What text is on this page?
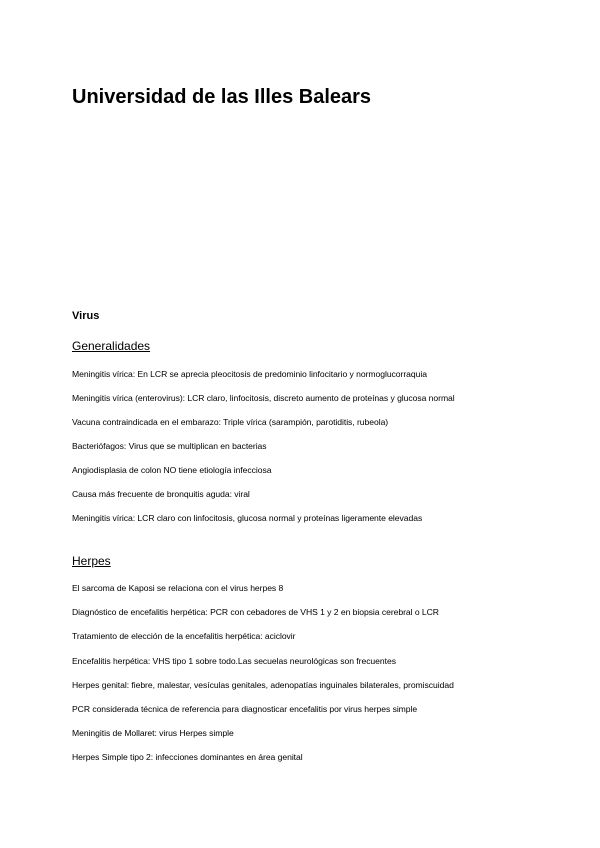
Universidad de las Illes Balears
Virus
Generalidades
Meningitis vírica: En LCR se aprecia pleocitosis de predominio linfocitario y normoglucorraquia
Meningitis vírica (enterovirus): LCR claro, linfocitosis, discreto aumento de proteínas y glucosa normal
Vacuna contraindicada en el embarazo: Triple vírica (sarampión, parotiditis, rubeola)
Bacteriófagos: Virus que se multiplican en bacterias
Angiodisplasia de colon NO tiene etiología infecciosa
Causa más frecuente de bronquitis aguda: viral
Meningitis vírica: LCR claro con linfocitosis, glucosa normal y proteínas ligeramente elevadas
Herpes
El sarcoma de Kaposi se relaciona con el virus herpes 8
Diagnóstico de encefalitis herpética: PCR con cebadores de VHS 1 y 2 en biopsia cerebral o LCR
Tratamiento de elección de la encefalitis herpética: aciclovir
Encefalitis herpética: VHS tipo 1 sobre todo.Las secuelas neurológicas son frecuentes
Herpes genital: fiebre, malestar, vesículas genitales, adenopatías inguinales bilaterales, promiscuidad
PCR considerada técnica de referencia para diagnosticar encefalitis por virus herpes simple
Meningitis de Mollaret: virus Herpes simple
Herpes Simple tipo 2: infecciones dominantes en área genital
